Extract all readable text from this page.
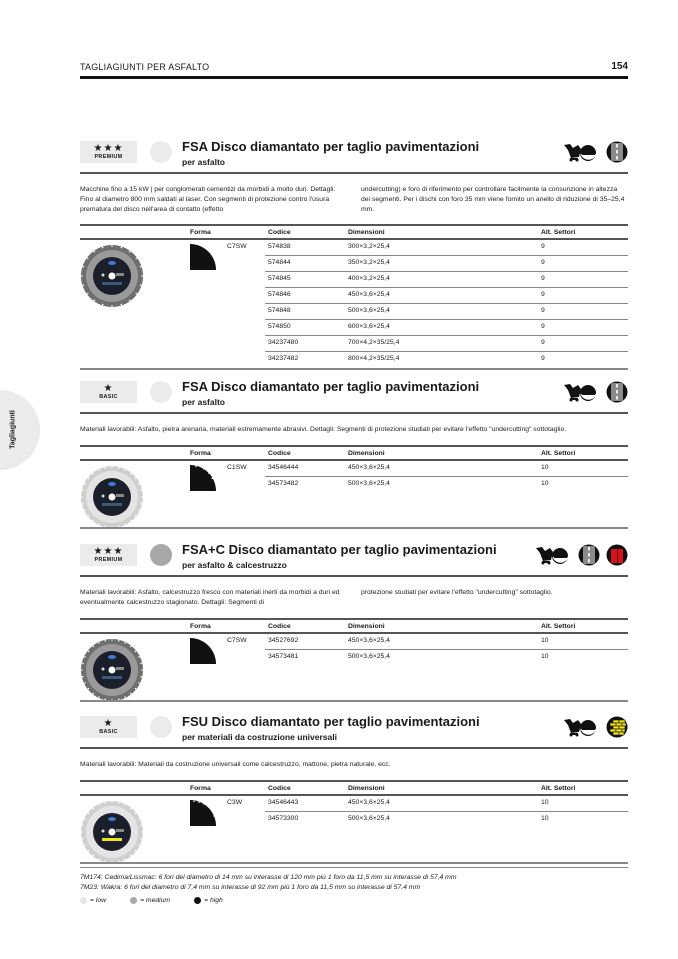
TAGLIAGIUNTI PER ASFALTO	154
Tagliagiunti
★★★
PREMIUM
FSA Disco diamantato per taglio pavimentazioni
per asfalto

Macchine fino a 15 kW | per conglomerati cementizi da morbidi a molto duri. Dettagli: Fino al diametro 800 mm saldati al laser. Con segmenti di protezione contro l'usura prematura del disco nell'area di contatto (effetto

undercutting) e foro di riferimento per controllare facilmente la consunzione in altezza dei segmenti. Per i dischi con foro 35 mm viene fornito un anello di riduzione di 35–25,4 mm.

Forma	Codice	Dimensioni	Alt. Settori
C7SW	574838	300×3,2×25,4	9
574844	350×3,2×25,4	9
574845	400×3,2×25,4	9
574846	450×3,6×25,4	9
574848	500×3,6×25,4	9
574850	600×3,6×25,4	9
34237480	700×4,2×35/25,4	9
34237482	800×4,2×35/25,4	9
★
BASIC
FSA Disco diamantato per taglio pavimentazioni
per asfalto

Materiali lavorabili: Asfalto, pietra arenaria, materiali estremamente abrasivi. Dettagli: Segmenti di protezione studiati per evitare l'effetto "undercutting" sottotaglio.

Forma	Codice	Dimensioni	Alt. Settori
C1SW	34546444	450×3,6×25,4	10
34573482	500×3,6×25,4	10
★★★
PREMIUM
FSA+C Disco diamantato per taglio pavimentazioni
per asfalto & calcestruzzo

Materiali lavorabili: Asfalto, calcestruzzo fresco con materiali inerti da morbidi a duri ed eventualmente calcestruzzo stagionato. Dettagli: Segmenti di

protezione studiati per evitare l'effetto "undercutting" sottotaglio.

Forma	Codice	Dimensioni	Alt. Settori
C7SW	34527692	450×3,6×25,4	10
34573481	500×3,6×25,4	10
★
BASIC
FSU Disco diamantato per taglio pavimentazioni
per materiali da costruzione universali

Materiali lavorabili: Materiali da costruzione universali come calcestruzzo, mattone, pietra naturale, ecc.

Forma	Codice	Dimensioni	Alt. Settori
C3W	34546443	450×3,6×25,4	10
34573300	500×3,6×25,4	10
7M174: Cedima/Lissmac: 6 fori del diametro di 14 mm su interasse di 120 mm più 1 foro da 11,5 mm su interasse di 57,4 mm
7M23: Wakra: 6 fori del diametro di 7,4 mm su interasse di 92 mm più 1 foro da 11,5 mm su interasse di 57,4 mm
= low	= medium	= high
